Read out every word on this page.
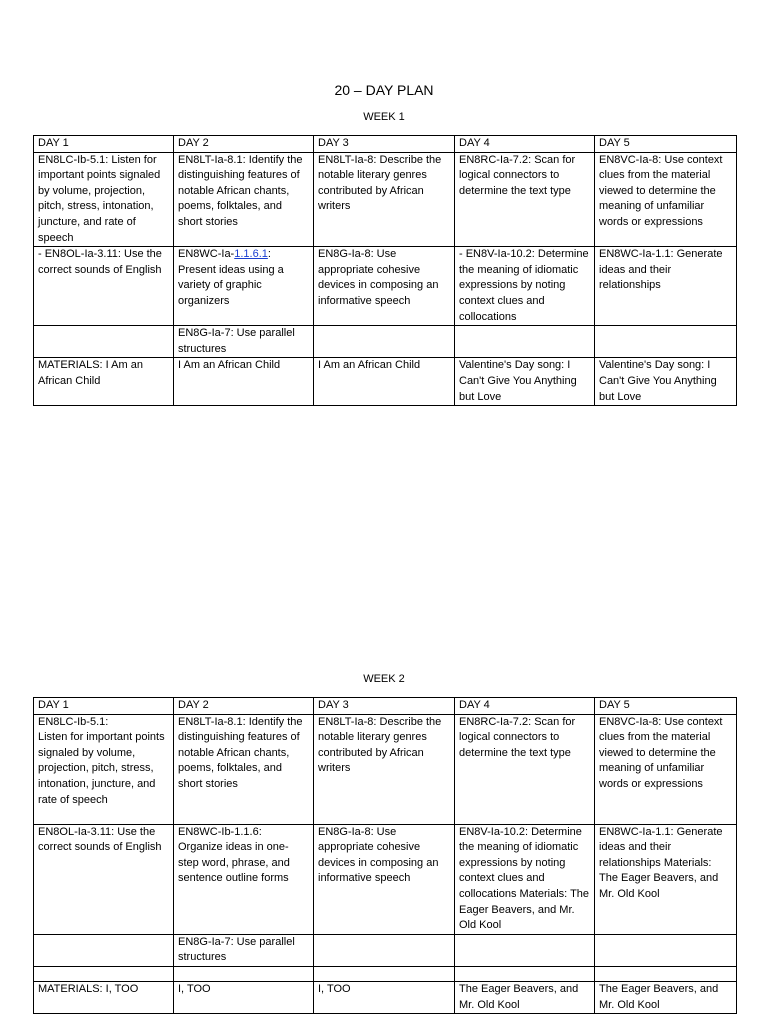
20 – DAY PLAN
WEEK 1
DAY 1	DAY 2	DAY 3	DAY 4	DAY 5
EN8LC-Ib-5.1: Listen for important points signaled by volume, projection, pitch, stress, intonation, juncture, and rate of speech	EN8LT-Ia-8.1: Identify the distinguishing features of notable African chants, poems, folktales, and short stories	EN8LT-Ia-8: Describe the notable literary genres contributed by African writers	EN8RC-Ia-7.2: Scan for logical connectors to determine the text type	EN8VC-Ia-8: Use context clues from the material viewed to determine the meaning of unfamiliar words or expressions
- EN8OL-Ia-3.11: Use the correct sounds of English	EN8WC-Ia-1.1.6.1: Present ideas using a variety of graphic organizers	EN8G-Ia-8: Use appropriate cohesive devices in composing an informative speech	- EN8V-Ia-10.2: Determine the meaning of idiomatic expressions by noting context clues and collocations	EN8WC-Ia-1.1: Generate ideas and their relationships
	EN8G-Ia-7: Use parallel structures			
MATERIALS: I Am an African Child	I Am an African Child	I Am an African Child	Valentine's Day song: I Can't Give You Anything but Love	Valentine's Day song: I Can't Give You Anything but Love
WEEK 2
DAY 1	DAY 2	DAY 3	DAY 4	DAY 5
EN8LC-Ib-5.1:
Listen for important points signaled by volume, projection, pitch, stress, intonation, juncture, and rate of speech	EN8LT-Ia-8.1: Identify the distinguishing features of notable African chants, poems, folktales, and short stories	EN8LT-Ia-8: Describe the notable literary genres contributed by African writers	EN8RC-Ia-7.2: Scan for logical connectors to determine the text type	EN8VC-Ia-8: Use context clues from the material viewed to determine the meaning of unfamiliar words or expressions
EN8OL-Ia-3.11: Use the correct sounds of English	EN8WC-Ib-1.1.6: Organize ideas in one-step word, phrase, and sentence outline forms	EN8G-Ia-8: Use appropriate cohesive devices in composing an informative speech	EN8V-Ia-10.2: Determine the meaning of idiomatic expressions by noting context clues and collocations Materials: The Eager Beavers, and Mr. Old Kool	EN8WC-Ia-1.1: Generate ideas and their relationships Materials: The Eager Beavers, and Mr. Old Kool
	EN8G-Ia-7: Use parallel structures			

MATERIALS: I, TOO	I, TOO	I, TOO	The Eager Beavers, and Mr. Old Kool	The Eager Beavers, and Mr. Old Kool
